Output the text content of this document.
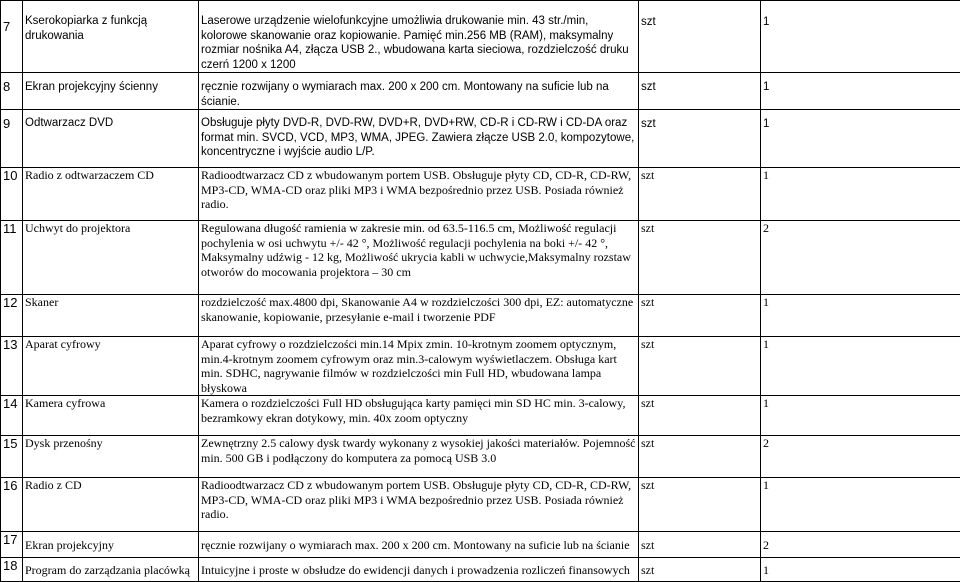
7	Kserokopiarka z funkcją drukowania	Laserowe urządzenie wielofunkcyjne umożliwia drukowanie min. 43 str./min, kolorowe skanowanie oraz kopiowanie. Pamięć min.256 MB (RAM), maksymalny rozmiar nośnika A4, złącza USB 2., wbudowana karta sieciowa, rozdzielczość druku czerń 1200 x 1200	szt	1
8	Ekran projekcyjny ścienny	ręcznie rozwijany o wymiarach max. 200 x 200 cm. Montowany na suficie lub na ścianie.	szt	1
9	Odtwarzacz DVD	Obsługuje płyty DVD-R, DVD-RW, DVD+R, DVD+RW, CD-R i CD-RW i CD-DA oraz format min. SVCD, VCD, MP3, WMA, JPEG. Zawiera złącze USB 2.0, kompozytowe, koncentryczne i wyjście audio L/P.	szt	1
10	Radio z odtwarzaczem CD	Radioodtwarzacz CD z wbudowanym portem USB. Obsługuje płyty CD, CD-R, CD-RW, MP3-CD, WMA-CD oraz pliki MP3 i WMA bezpośrednio przez USB. Posiada również radio.	szt	1
11	Uchwyt do projektora	Regulowana długość ramienia w zakresie min. od 63.5-116.5 cm, Możliwość regulacji pochylenia w osi uchwytu +/- 42 °, Możliwość regulacji pochylenia na boki +/- 42 °, Maksymalny udźwig - 12 kg, Możliwość ukrycia kabli w uchwycie,Maksymalny rozstaw otworów do mocowania projektora – 30 cm	szt	2
12	Skaner	rozdzielczość max.4800 dpi, Skanowanie A4 w rozdzielczości 300 dpi, EZ: automatyczne skanowanie, kopiowanie, przesyłanie e-mail i tworzenie PDF	szt	1
13	Aparat cyfrowy	Aparat cyfrowy o rozdzielczości min.14 Mpix zmin. 10-krotnym zoomem optycznym, min.4-krotnym zoomem cyfrowym oraz min.3-calowym wyświetlaczem. Obsługa kart min. SDHC, nagrywanie filmów w rozdzielczości min Full HD, wbudowana lampa błyskowa	szt	1
14	Kamera cyfrowa	Kamera o rozdzielczości Full HD obsługująca karty pamięci min SD HC min. 3-calowy, bezramkowy ekran dotykowy, min. 40x zoom optyczny	szt	1
15	Dysk przenośny	Zewnętrzny 2.5 calowy dysk twardy wykonany z wysokiej jakości materiałów. Pojemność min. 500 GB i podłączony do komputera za pomocą USB 3.0	szt	2
16	Radio z CD	Radioodtwarzacz CD z wbudowanym portem USB. Obsługuje płyty CD, CD-R, CD-RW, MP3-CD, WMA-CD oraz pliki MP3 i WMA bezpośrednio przez USB. Posiada również radio.	szt	1
17	Ekran projekcyjny	ręcznie rozwijany o wymiarach max. 200 x 200 cm. Montowany na suficie lub na ścianie	szt	2
18	Program do zarządzania placówką	Intuicyjne i proste w obsłudze do ewidencji danych i prowadzenia rozliczeń finansowych	szt	1
